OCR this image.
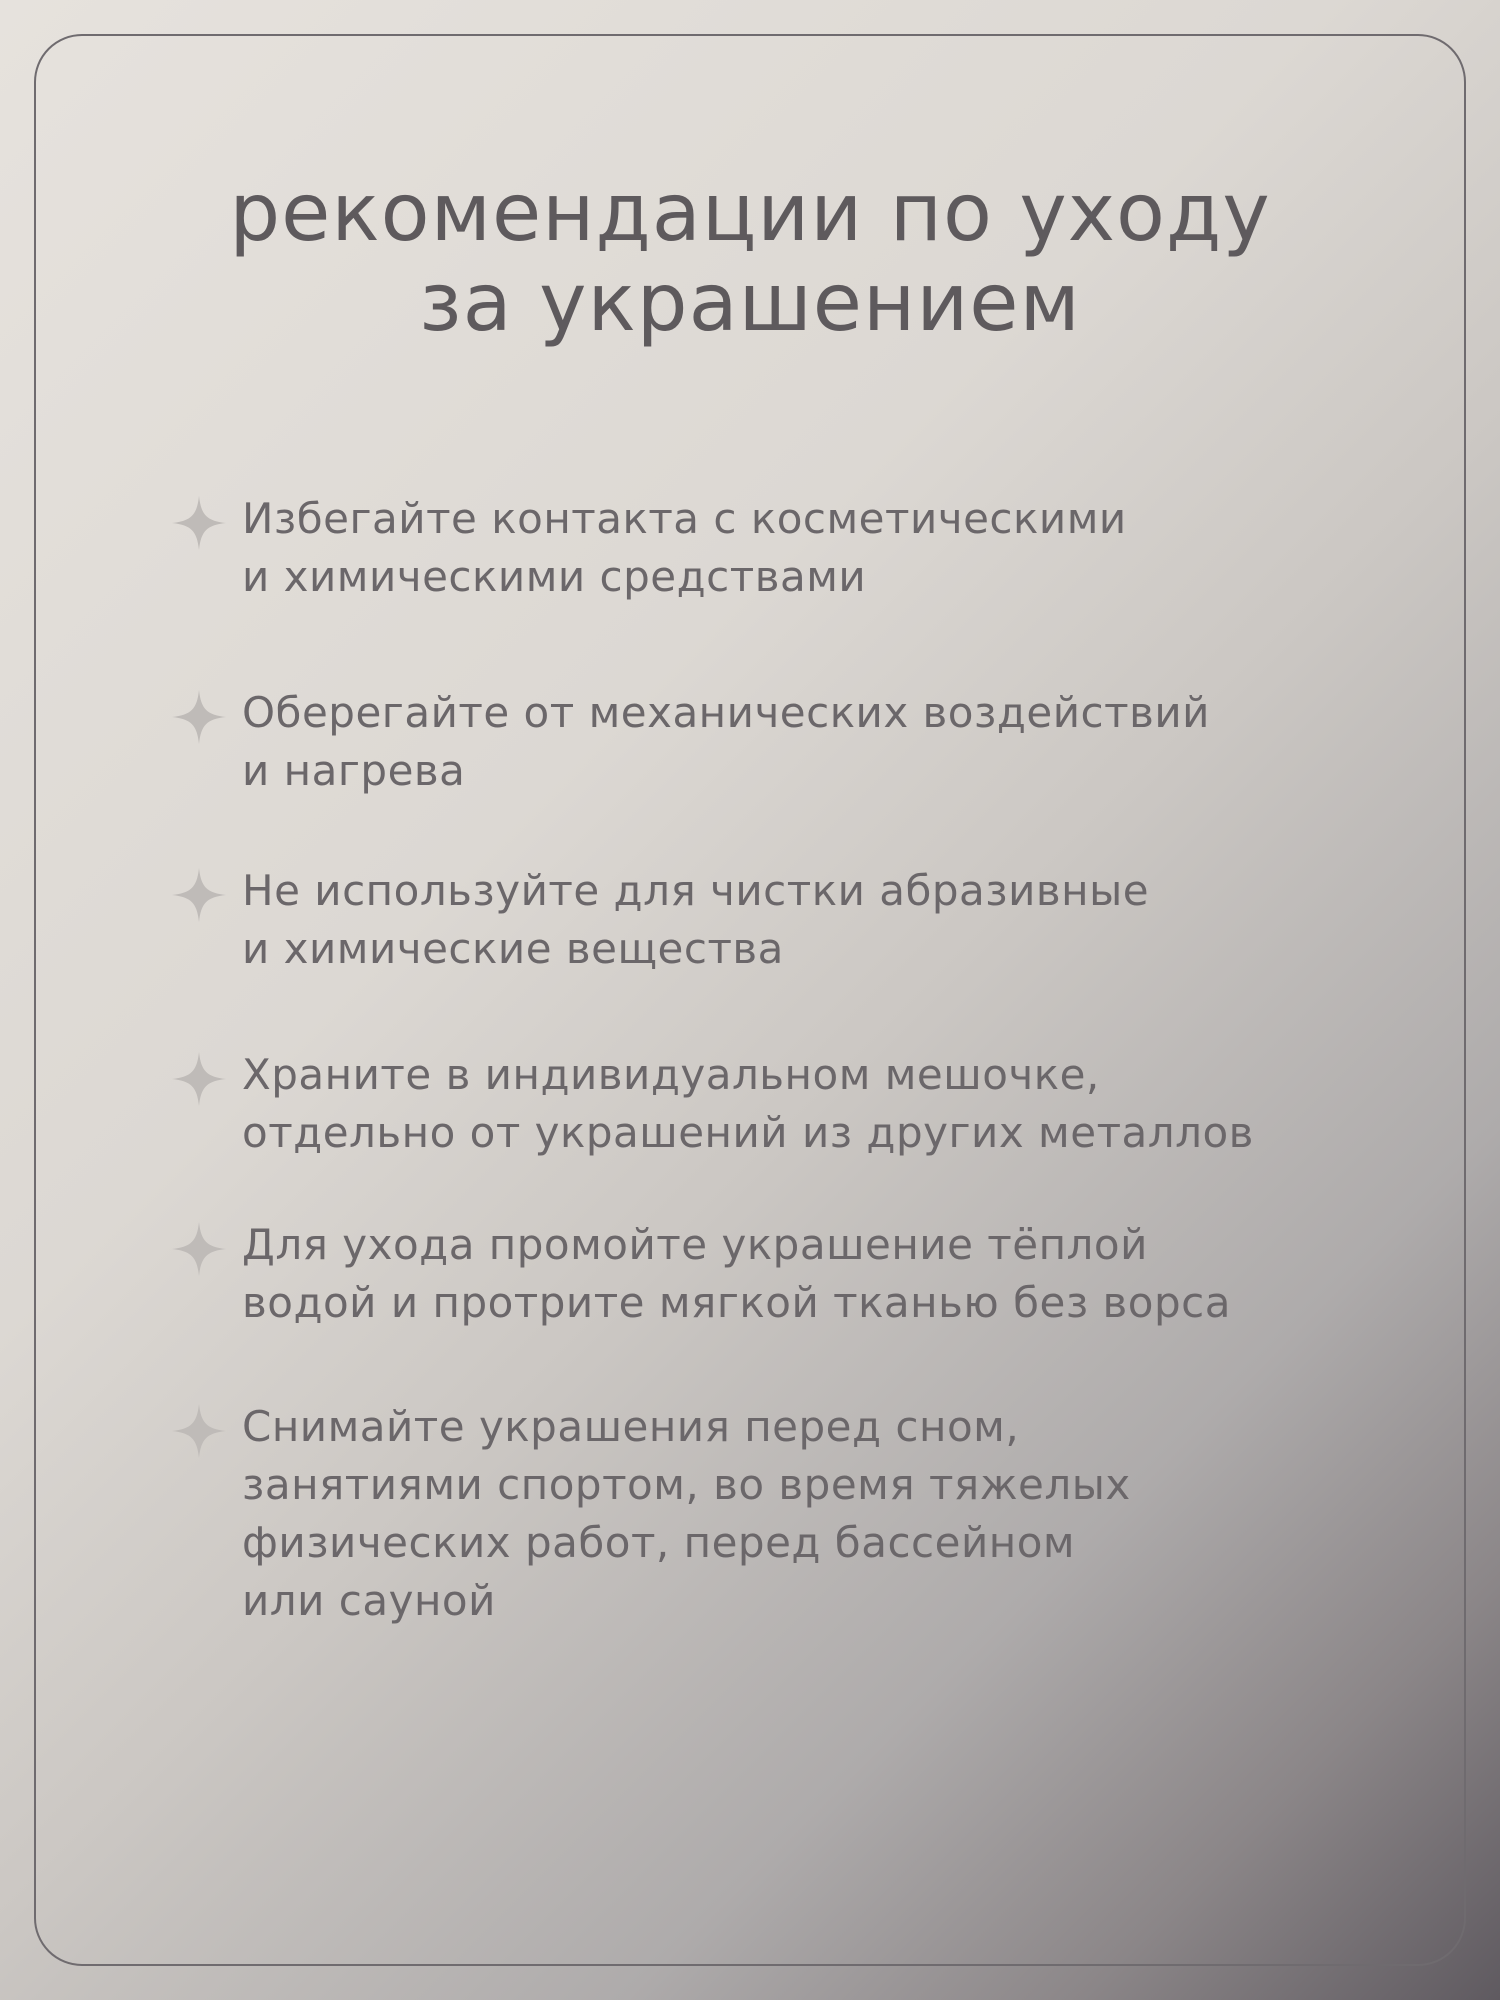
рекомендации по уходу
за украшением
Избегайте контакта с косметическими
и химическими средствами
Оберегайте от механических воздействий
и нагрева
Не используйте для чистки абразивные
и химические вещества
Храните в индивидуальном мешочке,
отдельно от украшений из других металлов
Для ухода промойте украшение тёплой
водой и протрите мягкой тканью без ворса
Снимайте украшения перед сном,
занятиями спортом, во время тяжелых
физических работ, перед бассейном
или сауной
